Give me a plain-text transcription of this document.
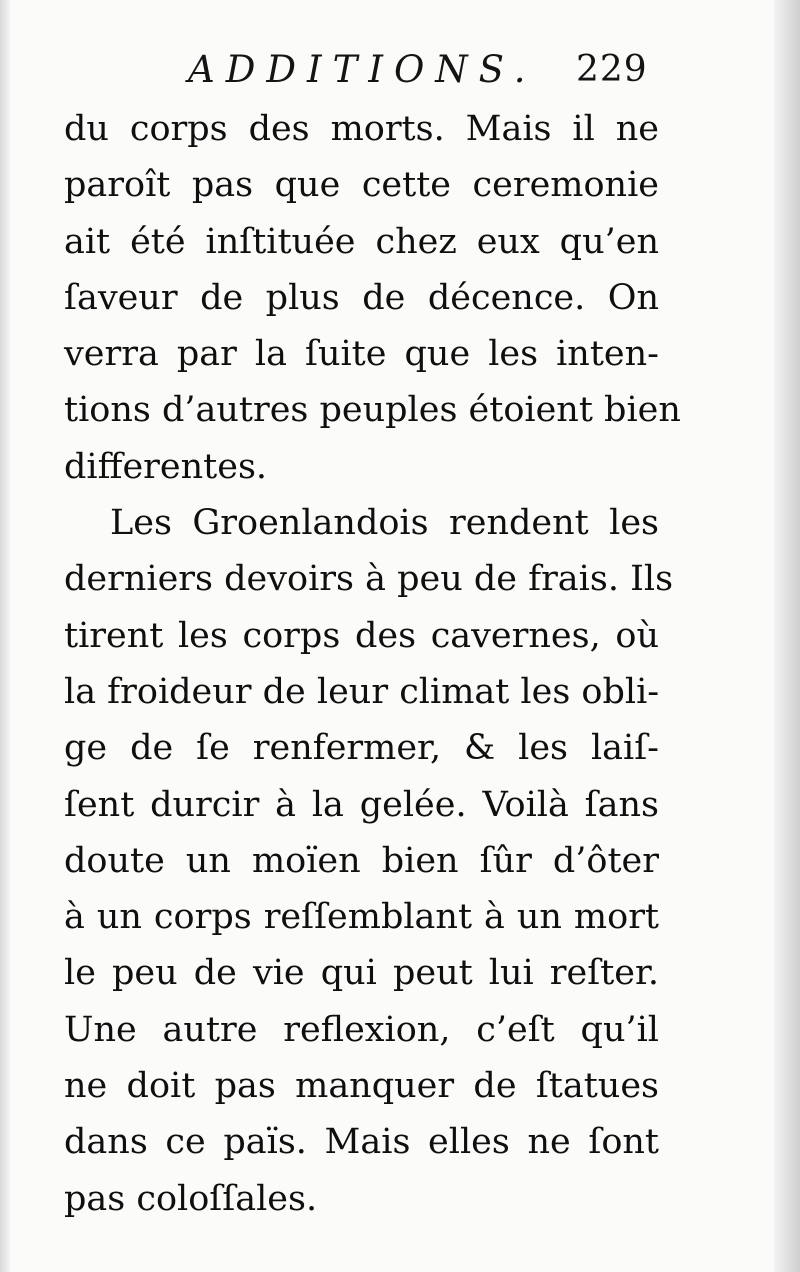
ADDITIONS. 229
du corps des morts. Mais il ne
paroît pas que cette ceremonie
ait été inſtituée chez eux qu’en
ſaveur de plus de décence. On
verra par la ſuite que les inten-
tions d’autres peuples étoient bien
differentes.
Les Groenlandois rendent les
derniers devoirs à peu de frais. Ils
tirent les corps des cavernes, où
la froideur de leur climat les obli-
ge de ſe renfermer, & les laiſ-
ſent durcir à la gelée. Voilà ſans
doute un moïen bien ſûr d’ôter
à un corps reſſemblant à un mort
le peu de vie qui peut lui reſter.
Une autre reflexion, c’eſt qu’il
ne doit pas manquer de ſtatues
dans ce païs. Mais elles ne ſont
pas coloſſales.
